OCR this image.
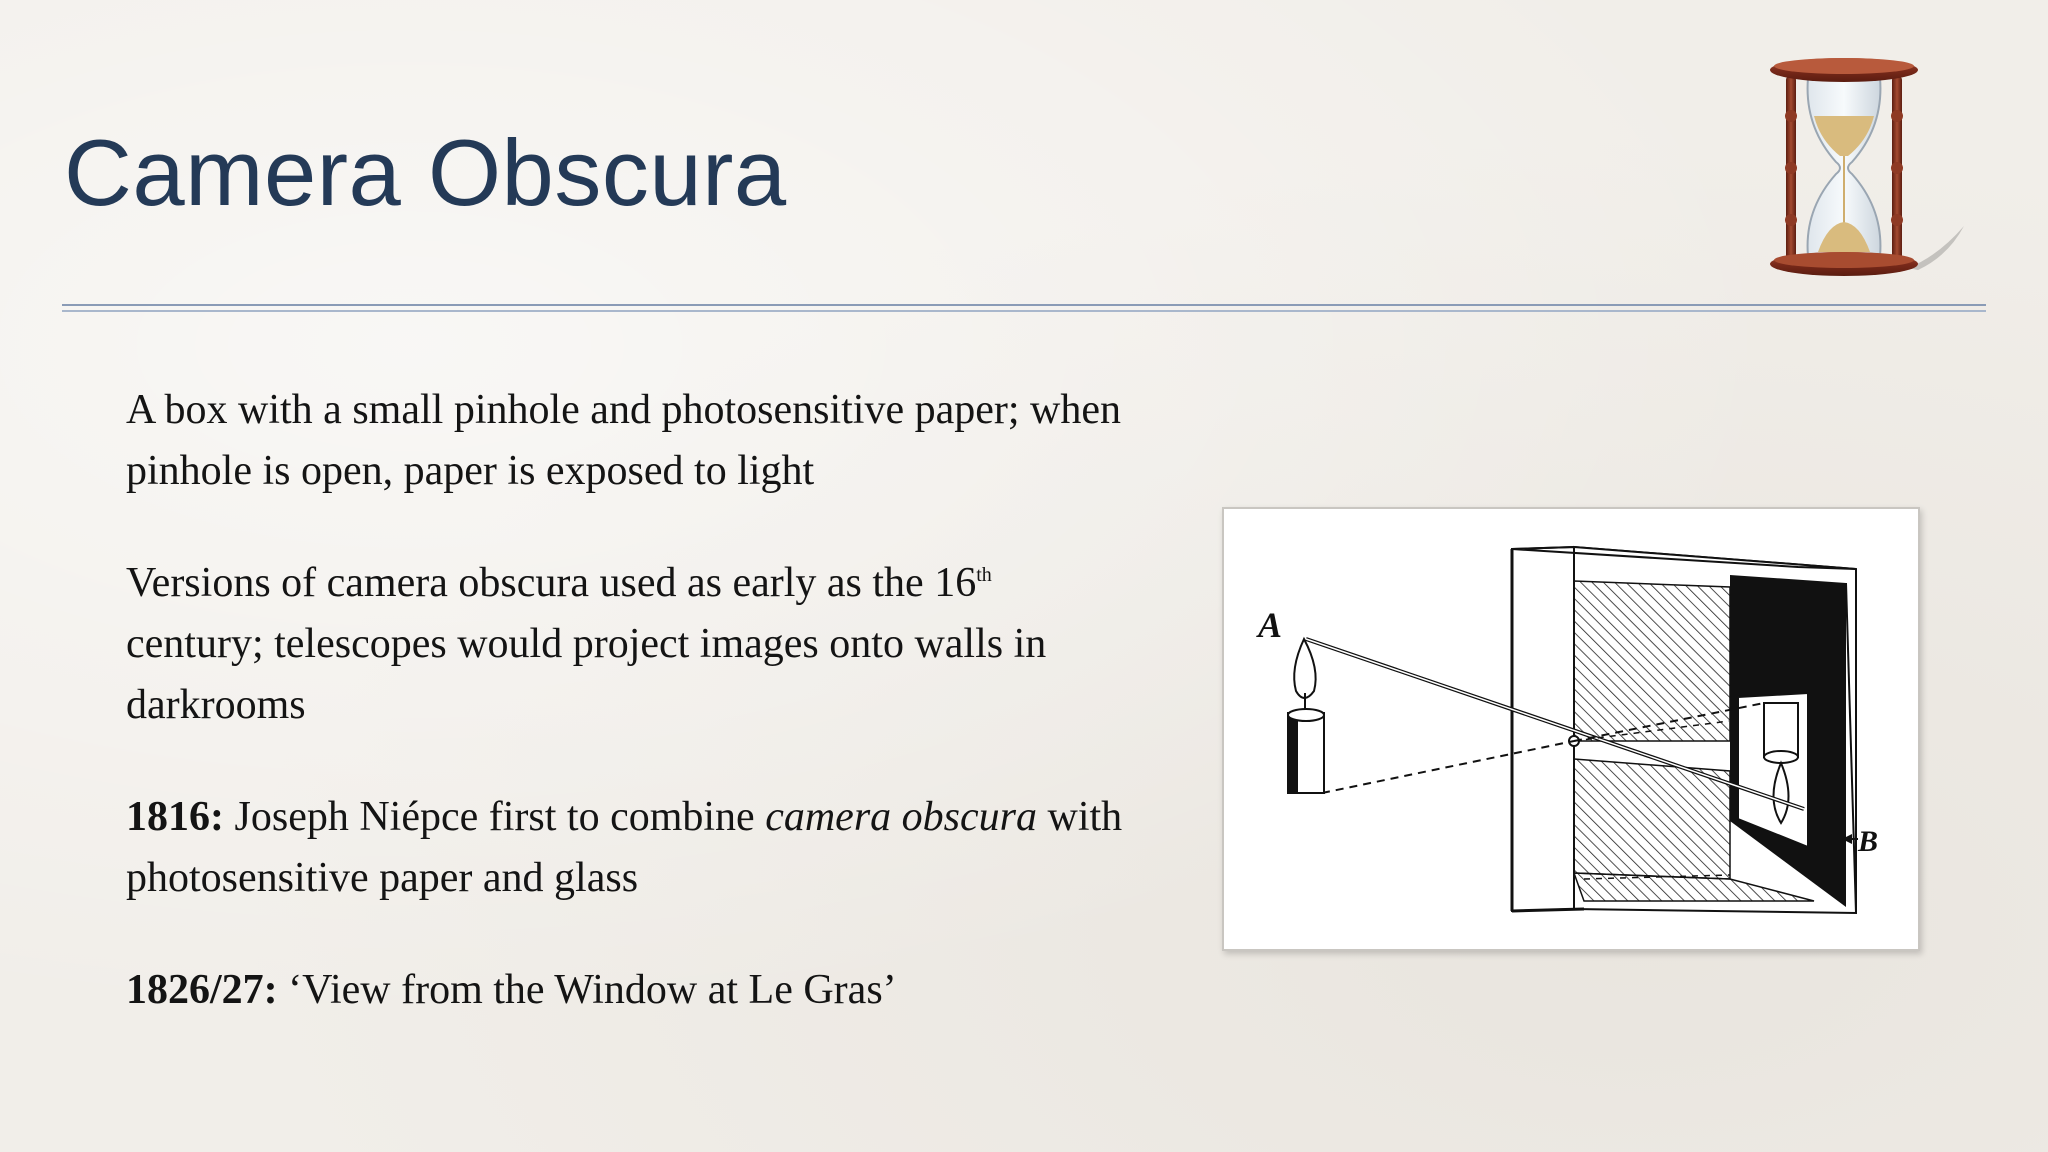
Camera Obscura

A box with a small pinhole and photosensitive paper; when pinhole is open, paper is exposed to light

Versions of camera obscura used as early as the 16th century; telescopes would project images onto walls in darkrooms

1816: Joseph Niépce first to combine camera obscura with photosensitive paper and glass

1826/27: ‘View from the Window at Le Gras’

A
B
